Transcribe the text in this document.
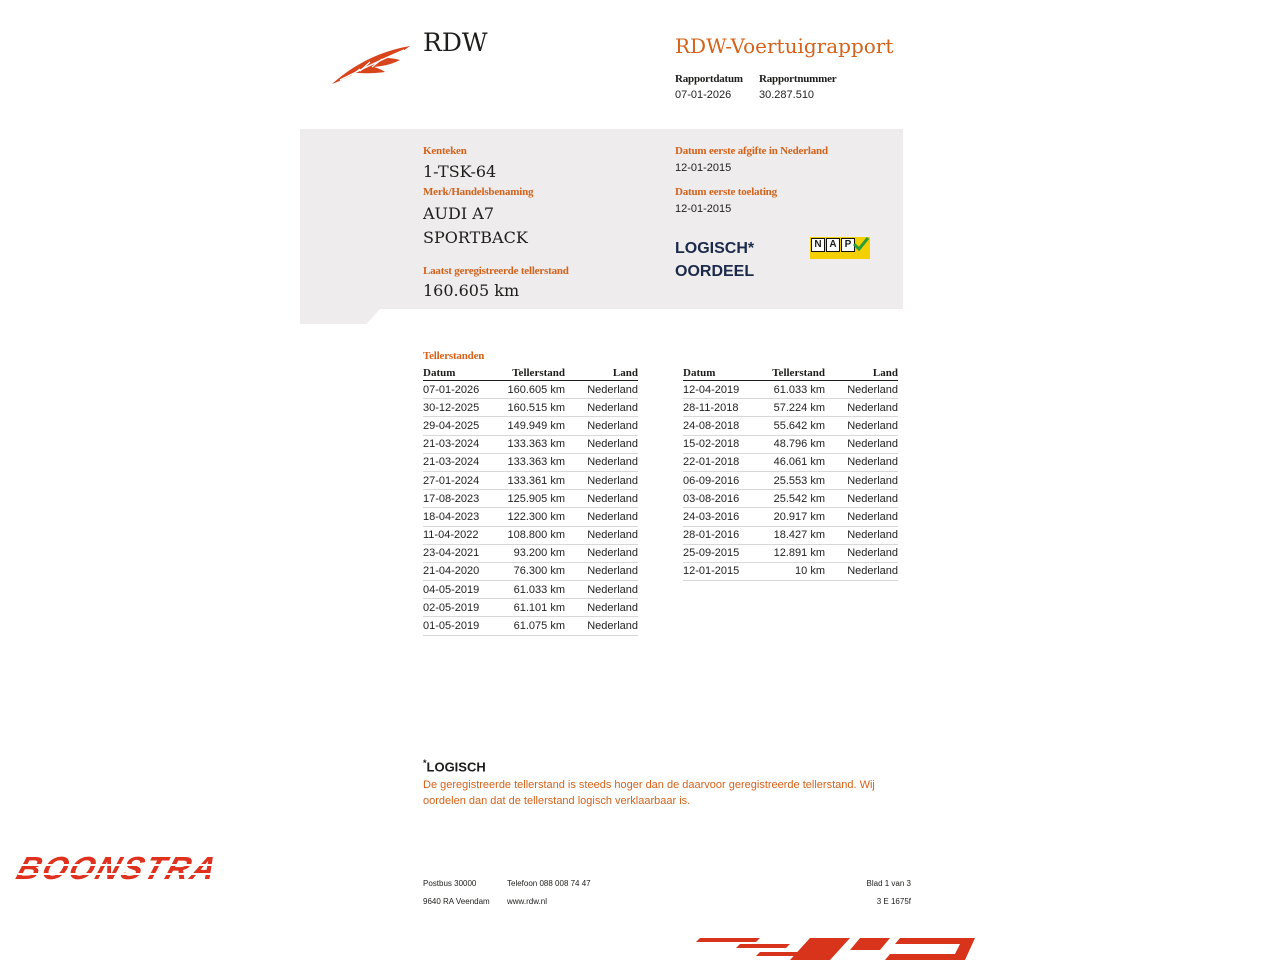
RDW	RDW-Voertuigrapport
Rapportdatum
07-01-2026
Rapportnummer
30.287.510
Kenteken
1-TSK-64
Merk/Handelsbenaming
AUDI A7
SPORTBACK
Laatst geregistreerde tellerstand
160.605 km
Datum eerste afgifte in Nederland
12-01-2015
Datum eerste toelating
12-01-2015
LOGISCH*
OORDEEL
N A P
Tellerstanden
Datum	Tellerstand	Land
07-01-2026	160.605 km	Nederland
30-12-2025	160.515 km	Nederland
29-04-2025	149.949 km	Nederland
21-03-2024	133.363 km	Nederland
21-03-2024	133.363 km	Nederland
27-01-2024	133.361 km	Nederland
17-08-2023	125.905 km	Nederland
18-04-2023	122.300 km	Nederland
11-04-2022	108.800 km	Nederland
23-04-2021	93.200 km	Nederland
21-04-2020	76.300 km	Nederland
04-05-2019	61.033 km	Nederland
02-05-2019	61.101 km	Nederland
01-05-2019	61.075 km	Nederland
Datum	Tellerstand	Land
12-04-2019	61.033 km	Nederland
28-11-2018	57.224 km	Nederland
24-08-2018	55.642 km	Nederland
15-02-2018	48.796 km	Nederland
22-01-2018	46.061 km	Nederland
06-09-2016	25.553 km	Nederland
03-08-2016	25.542 km	Nederland
24-03-2016	20.917 km	Nederland
28-01-2016	18.427 km	Nederland
25-09-2015	12.891 km	Nederland
12-01-2015	10 km	Nederland
*LOGISCH
De geregistreerde tellerstand is steeds hoger dan de daarvoor geregistreerde tellerstand. Wij oordelen dan dat de tellerstand logisch verklaarbaar is.
Postbus 30000
9640 RA Veendam
Telefoon 088 008 74 47
www.rdw.nl
Blad 1 van 3
3 E 1675f
BOONSTRA
